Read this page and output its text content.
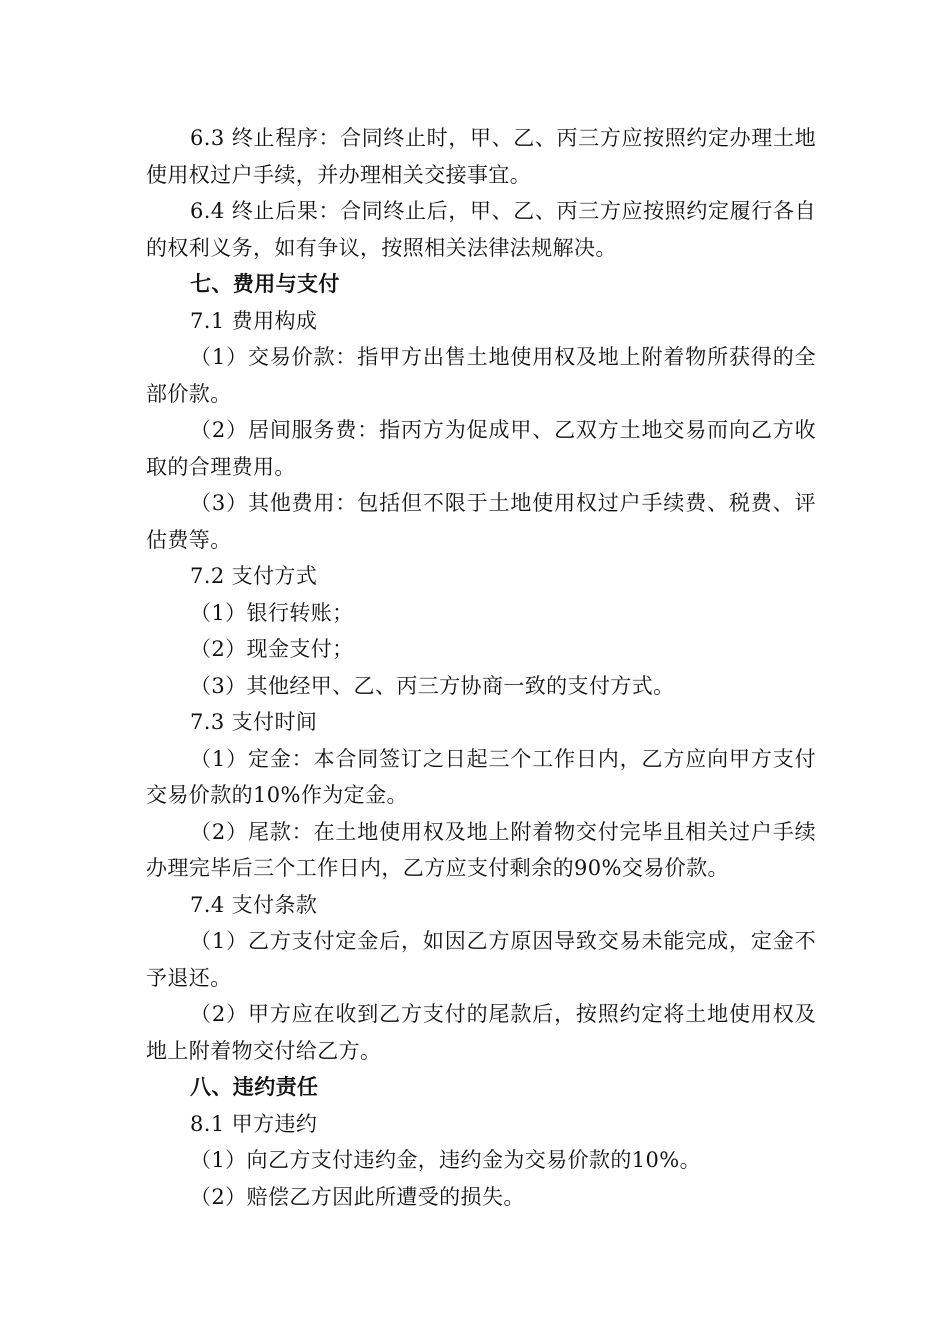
6.3 终止程序：合同终止时，甲、乙、丙三方应按照约定办理土地使用权过户手续，并办理相关交接事宜。

6.4 终止后果：合同终止后，甲、乙、丙三方应按照约定履行各自的权利义务，如有争议，按照相关法律法规解决。

七、费用与支付

7.1 费用构成

（1）交易价款：指甲方出售土地使用权及地上附着物所获得的全部价款。

（2）居间服务费：指丙方为促成甲、乙双方土地交易而向乙方收取的合理费用。

（3）其他费用：包括但不限于土地使用权过户手续费、税费、评估费等。

7.2 支付方式

（1）银行转账；

（2）现金支付；

（3）其他经甲、乙、丙三方协商一致的支付方式。

7.3 支付时间

（1）定金：本合同签订之日起三个工作日内，乙方应向甲方支付交易价款的10%作为定金。

（2）尾款：在土地使用权及地上附着物交付完毕且相关过户手续办理完毕后三个工作日内，乙方应支付剩余的90%交易价款。

7.4 支付条款

（1）乙方支付定金后，如因乙方原因导致交易未能完成，定金不予退还。

（2）甲方应在收到乙方支付的尾款后，按照约定将土地使用权及地上附着物交付给乙方。

八、违约责任

8.1 甲方违约

（1）向乙方支付违约金，违约金为交易价款的10%。

（2）赔偿乙方因此所遭受的损失。
